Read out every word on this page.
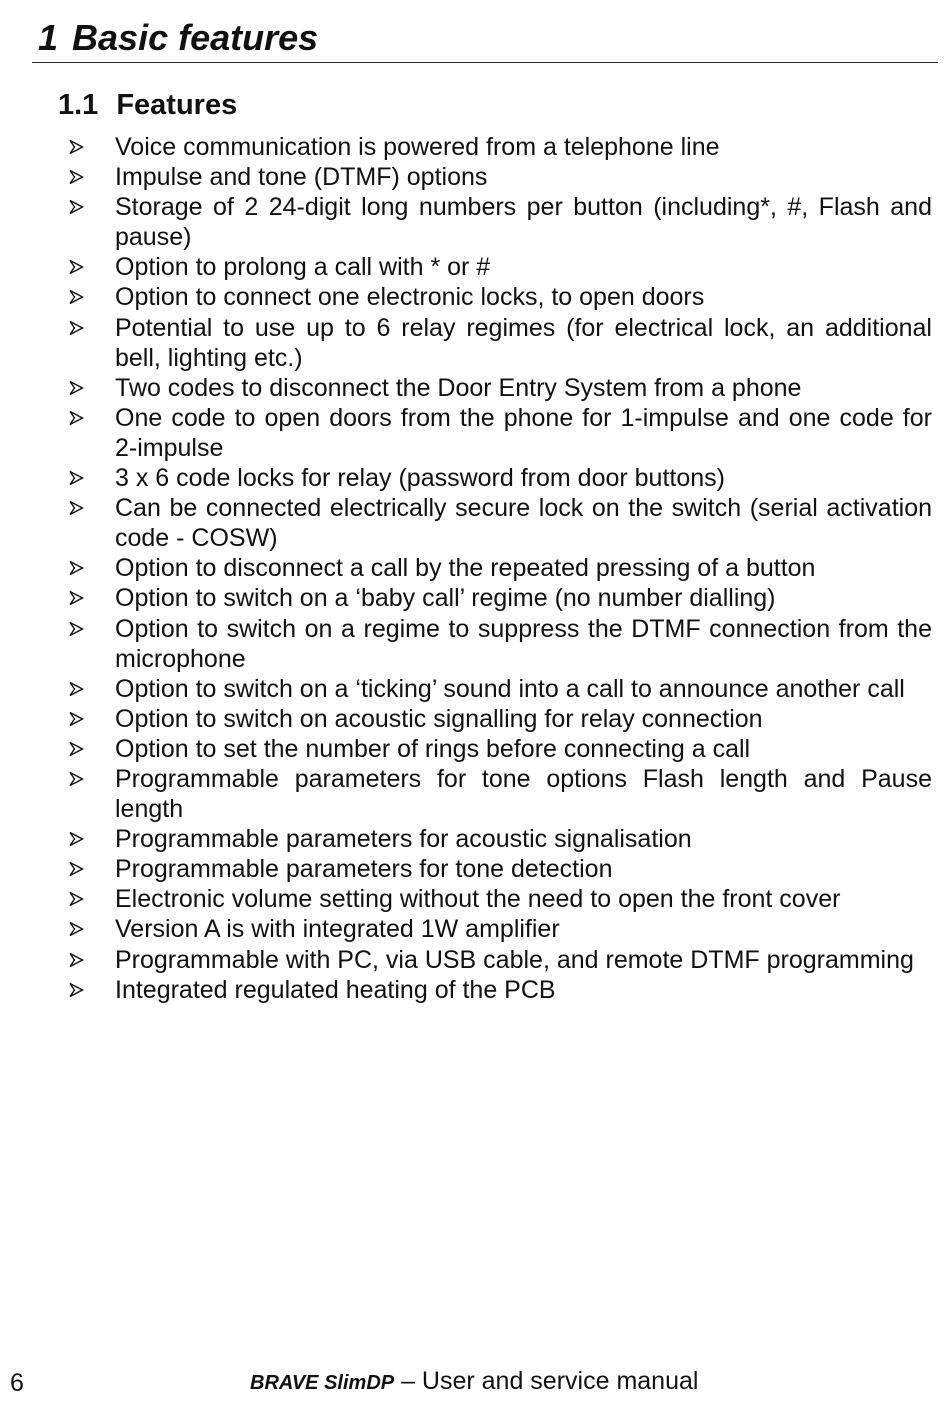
1 Basic features
1.1 Features
Voice communication is powered from a telephone line
Impulse and tone (DTMF) options
Storage of 2 24-digit long numbers per button (including*, #, Flash and pause)
Option to prolong a call with * or #
Option to connect one electronic locks, to open doors
Potential to use up to 6 relay regimes (for electrical lock, an additional bell, lighting etc.)
Two codes to disconnect the Door Entry System from a phone
One code to open doors from the phone for 1-impulse and one code for 2-impulse
3 x 6 code locks for relay (password from door buttons)
Can be connected electrically secure lock on the switch (serial activation code - COSW)
Option to disconnect a call by the repeated pressing of a button
Option to switch on a ‘baby call’ regime (no number dialling)
Option to switch on a regime to suppress the DTMF connection from the microphone
Option to switch on a ‘ticking’ sound into a call to announce another call
Option to switch on acoustic signalling for relay connection
Option to set the number of rings before connecting a call
Programmable parameters for tone options Flash length and Pause length
Programmable parameters for acoustic signalisation
Programmable parameters for tone detection
Electronic volume setting without the need to open the front cover
Version A is with integrated 1W amplifier
Programmable with PC, via USB cable, and remote DTMF programming
Integrated regulated heating of the PCB
6	BRAVE SlimDP – User and service manual
